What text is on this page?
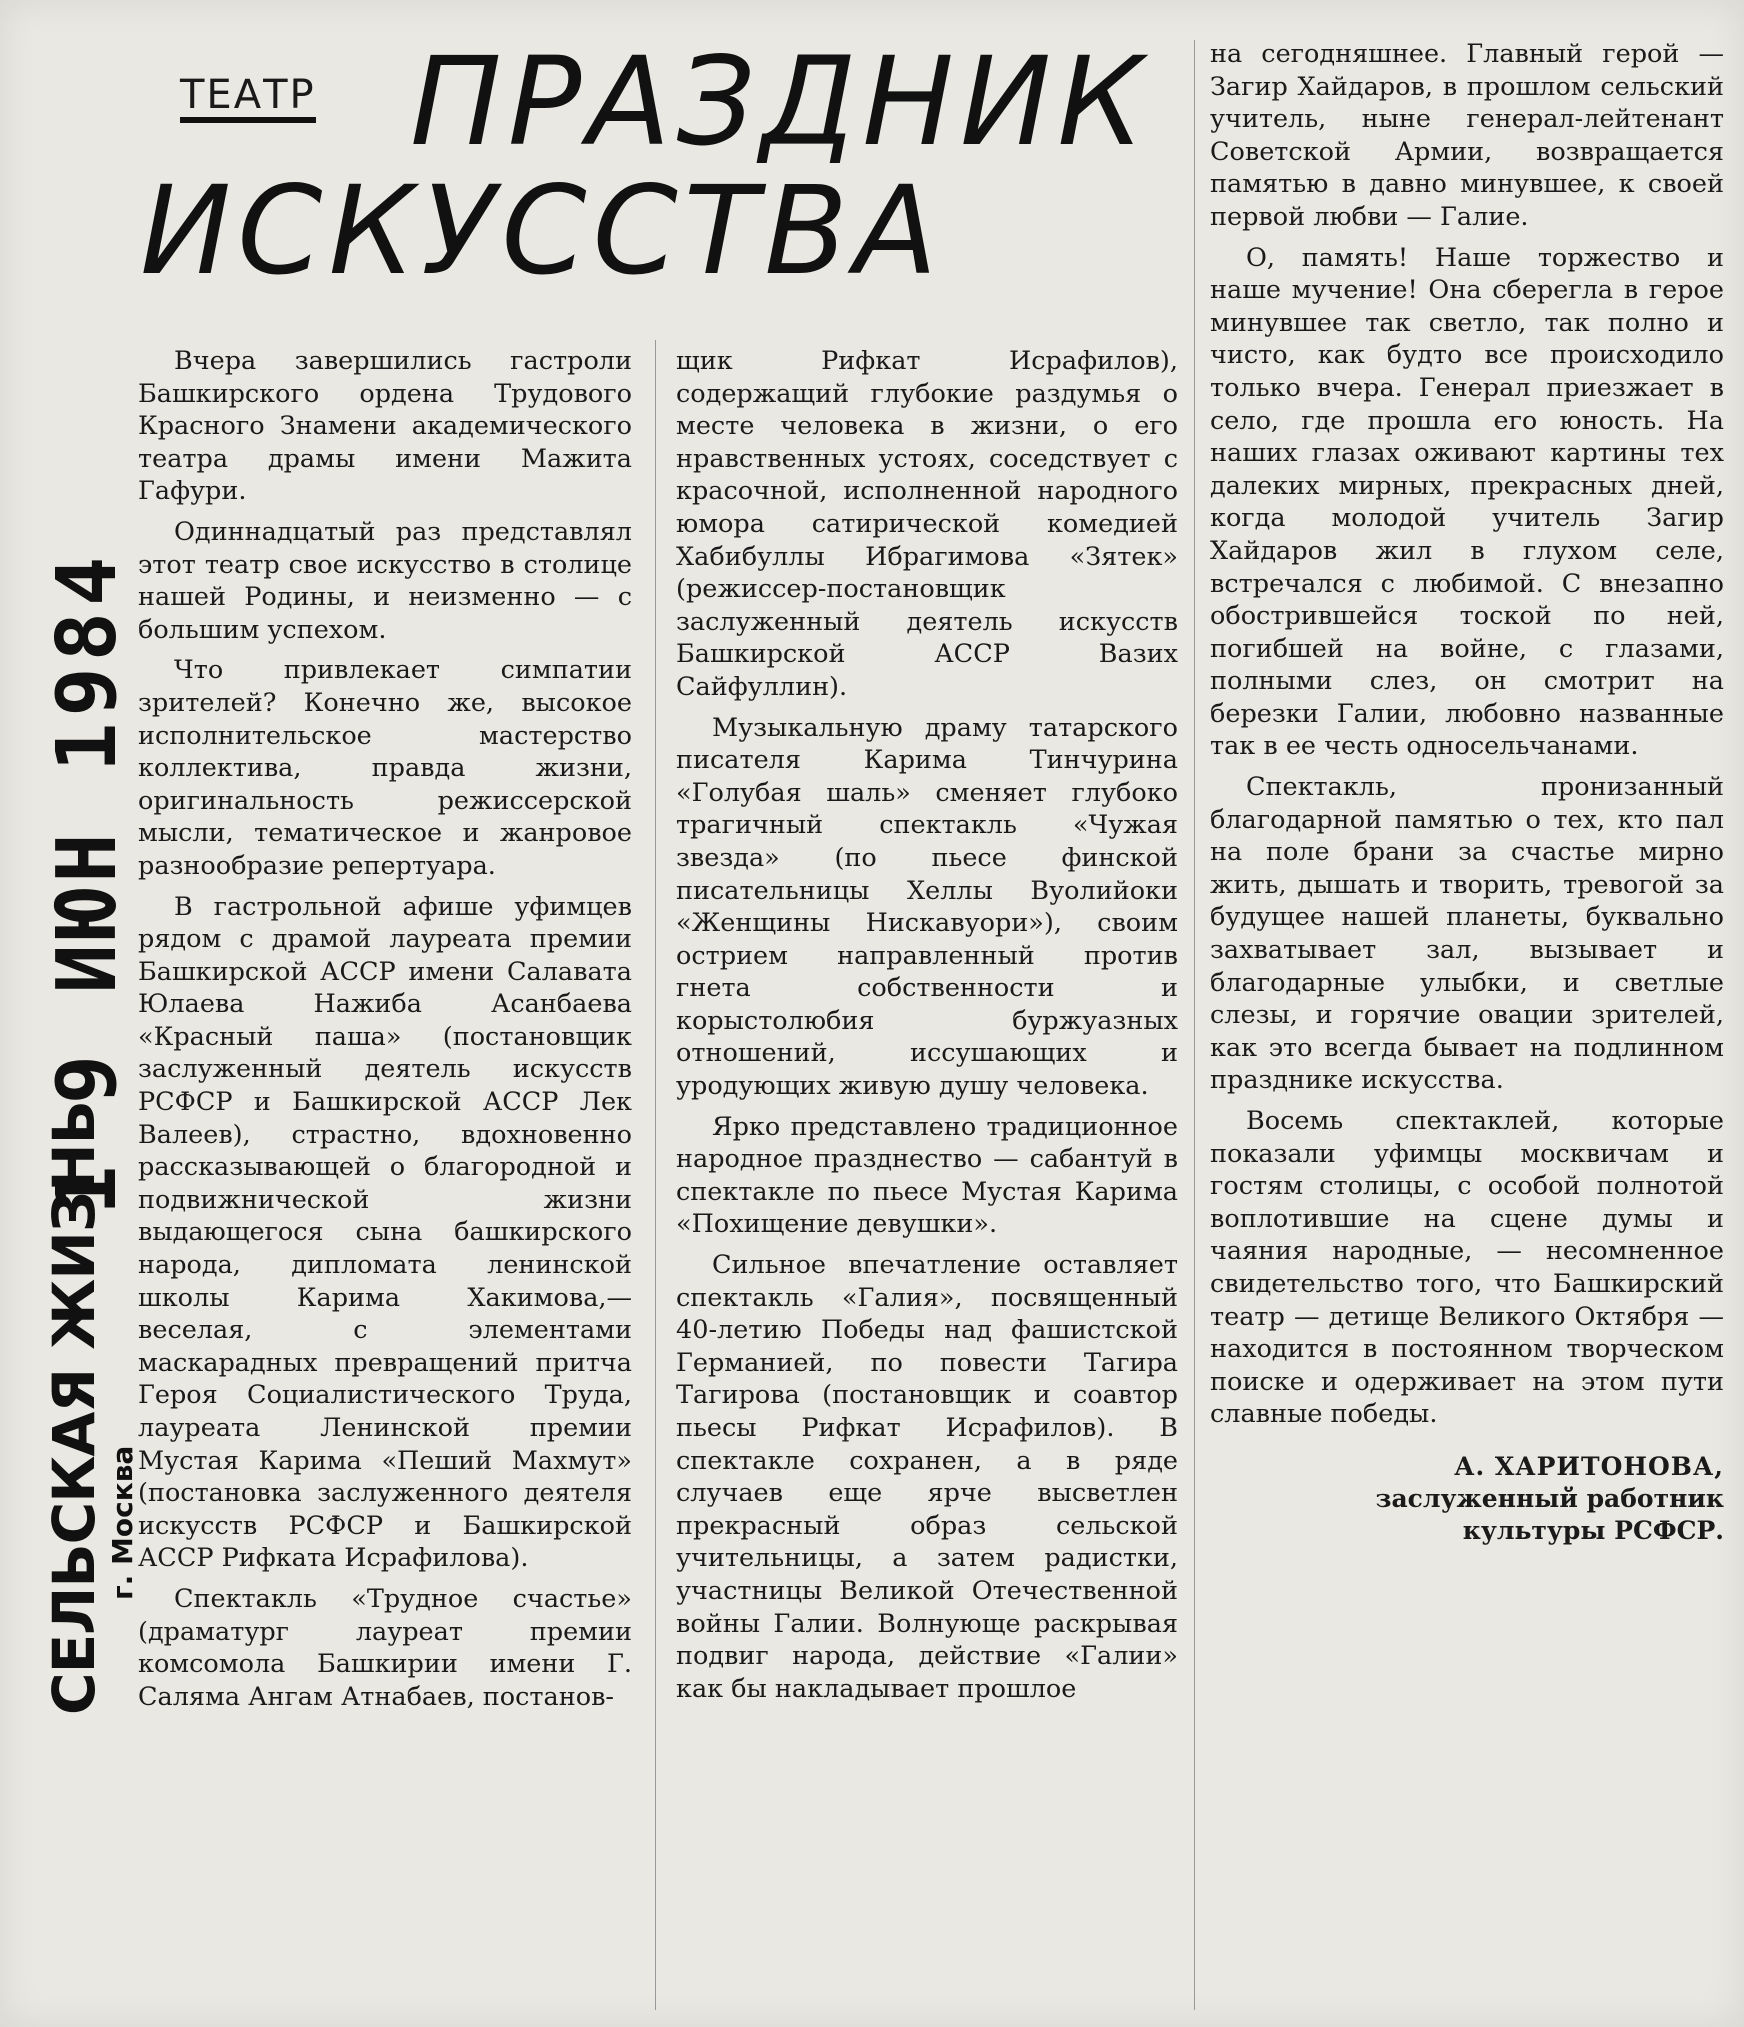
1 9 ИЮН 1984
СЕЛЬСКАЯ ЖИЗНЬ
г. Москва
ПРАЗДНИК
ИСКУССТВА
ТЕАТР

Вчера завершились гастроли Башкирского ордена Трудового Красного Знамени академического театра драмы имени Мажита Гафури.

Одиннадцатый раз представлял этот театр свое искусство в столице нашей Родины, и неизменно — с большим успехом.

Что привлекает симпатии зрителей? Конечно же, высокое исполнительское мастерство коллектива, правда жизни, оригинальность режиссерской мысли, тематическое и жанровое разнообразие репертуара.

В гастрольной афише уфимцев рядом с драмой лауреата премии Башкирской АССР имени Салавата Юлаева Нажиба Асанбаева «Красный паша» (постановщик заслуженный деятель искусств РСФСР и Башкирской АССР Лек Валеев), страстно, вдохновенно рассказывающей о благородной и подвижнической жизни выдающегося сына башкирского народа, дипломата ленинской школы Карима Хакимова,— веселая, с элементами маскарадных превращений притча Героя Социалистического Труда, лауреата Ленинской премии Мустая Карима «Пеший Махмут» (постановка заслуженного деятеля искусств РСФСР и Башкирской АССР Рифката Исрафилова).

Спектакль «Трудное счастье» (драматург лауреат премии комсомола Башкирии имени Г. Саляма Ангам Атнабаев, постанов-

щик Рифкат Исрафилов), содержащий глубокие раздумья о месте человека в жизни, о его нравственных устоях, соседствует с красочной, исполненной народного юмора сатирической комедией Хабибуллы Ибрагимова «Зятек» (режиссер-постановщик заслуженный деятель искусств Башкирской АССР Вазих Сайфуллин).

Музыкальную драму татарского писателя Карима Тинчурина «Голубая шаль» сменяет глубоко трагичный спектакль «Чужая звезда» (по пьесе финской писательницы Хеллы Вуолийоки «Женщины Нискавуори»), своим острием направленный против гнета собственности и корыстолюбия буржуазных отношений, иссушающих и уродующих живую душу человека.

Ярко представлено традиционное народное празднество — сабантуй в спектакле по пьесе Мустая Карима «Похищение девушки».

Сильное впечатление оставляет спектакль «Галия», посвященный 40-летию Победы над фашистской Германией, по повести Тагира Тагирова (постановщик и соавтор пьесы Рифкат Исрафилов). В спектакле сохранен, а в ряде случаев еще ярче высветлен прекрасный образ сельской учительницы, а затем радистки, участницы Великой Отечественной войны Галии. Волнующе раскрывая подвиг народа, действие «Галии» как бы накладывает прошлое

на сегодняшнее. Главный герой — Загир Хайдаров, в прошлом сельский учитель, ныне генерал-лейтенант Советской Армии, возвращается памятью в давно минувшее, к своей первой любви — Галие.

О, память! Наше торжество и наше мучение! Она сберегла в герое минувшее так светло, так полно и чисто, как будто все происходило только вчера. Генерал приезжает в село, где прошла его юность. На наших глазах оживают картины тех далеких мирных, прекрасных дней, когда молодой учитель Загир Хайдаров жил в глухом селе, встречался с любимой. С внезапно обострившейся тоской по ней, погибшей на войне, с глазами, полными слез, он смотрит на березки Галии, любовно названные так в ее честь односельчанами.

Спектакль, пронизанный благодарной памятью о тех, кто пал на поле брани за счастье мирно жить, дышать и творить, тревогой за будущее нашей планеты, буквально захватывает зал, вызывает и благодарные улыбки, и светлые слезы, и горячие овации зрителей, как это всегда бывает на подлинном празднике искусства.

Восемь спектаклей, которые показали уфимцы москвичам и гостям столицы, с особой полнотой воплотившие на сцене думы и чаяния народные, — несомненное свидетельство того, что Башкирский театр — детище Великого Октября — находится в постоянном творческом поиске и одерживает на этом пути славные победы.

А. ХАРИТОНОВА,
заслуженный работник
культуры РСФСР.
